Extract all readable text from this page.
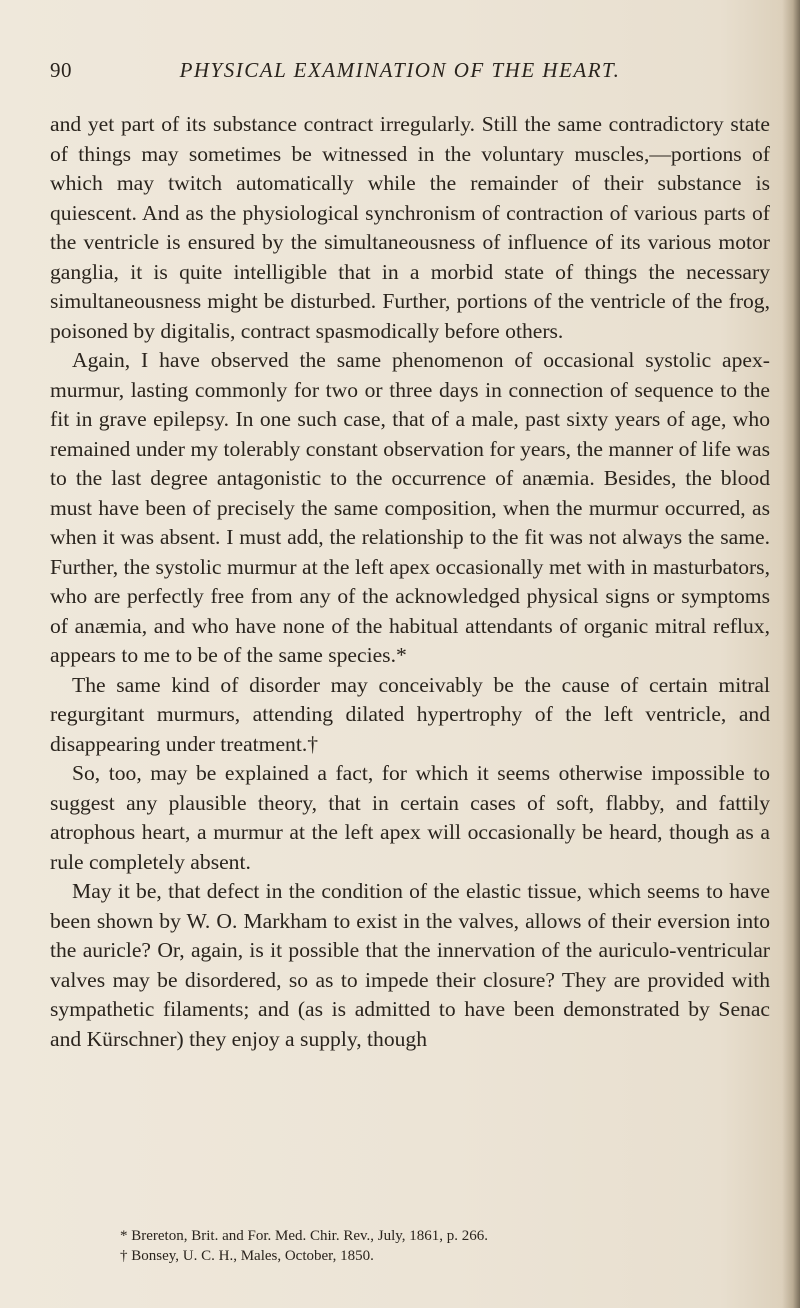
90	PHYSICAL EXAMINATION OF THE HEART.

and yet part of its substance contract irregularly. Still the same contradictory state of things may sometimes be witnessed in the voluntary muscles,—portions of which may twitch automatically while the remainder of their substance is quiescent. And as the physiological synchronism of contraction of various parts of the ventricle is ensured by the simultaneousness of influence of its various motor ganglia, it is quite intelligible that in a morbid state of things the necessary simultaneousness might be disturbed. Further, portions of the ventricle of the frog, poisoned by digitalis, contract spasmodically before others.

Again, I have observed the same phenomenon of occasional systolic apex-murmur, lasting commonly for two or three days in connection of sequence to the fit in grave epilepsy. In one such case, that of a male, past sixty years of age, who remained under my tolerably constant observation for years, the manner of life was to the last degree antagonistic to the occurrence of anæmia. Besides, the blood must have been of precisely the same composition, when the murmur occurred, as when it was absent. I must add, the relationship to the fit was not always the same. Further, the systolic murmur at the left apex occasionally met with in masturbators, who are perfectly free from any of the acknowledged physical signs or symptoms of anæmia, and who have none of the habitual attendants of organic mitral reflux, appears to me to be of the same species.*

The same kind of disorder may conceivably be the cause of certain mitral regurgitant murmurs, attending dilated hypertrophy of the left ventricle, and disappearing under treatment.†

So, too, may be explained a fact, for which it seems otherwise impossible to suggest any plausible theory, that in certain cases of soft, flabby, and fattily atrophous heart, a murmur at the left apex will occasionally be heard, though as a rule completely absent.

May it be, that defect in the condition of the elastic tissue, which seems to have been shown by W. O. Markham to exist in the valves, allows of their eversion into the auricle? Or, again, is it possible that the innervation of the auriculo-ventricular valves may be disordered, so as to impede their closure? They are provided with sympathetic filaments; and (as is admitted to have been demonstrated by Senac and Kürschner) they enjoy a supply, though

* Brereton, Brit. and For. Med. Chir. Rev., July, 1861, p. 266.

† Bonsey, U. C. H., Males, October, 1850.
